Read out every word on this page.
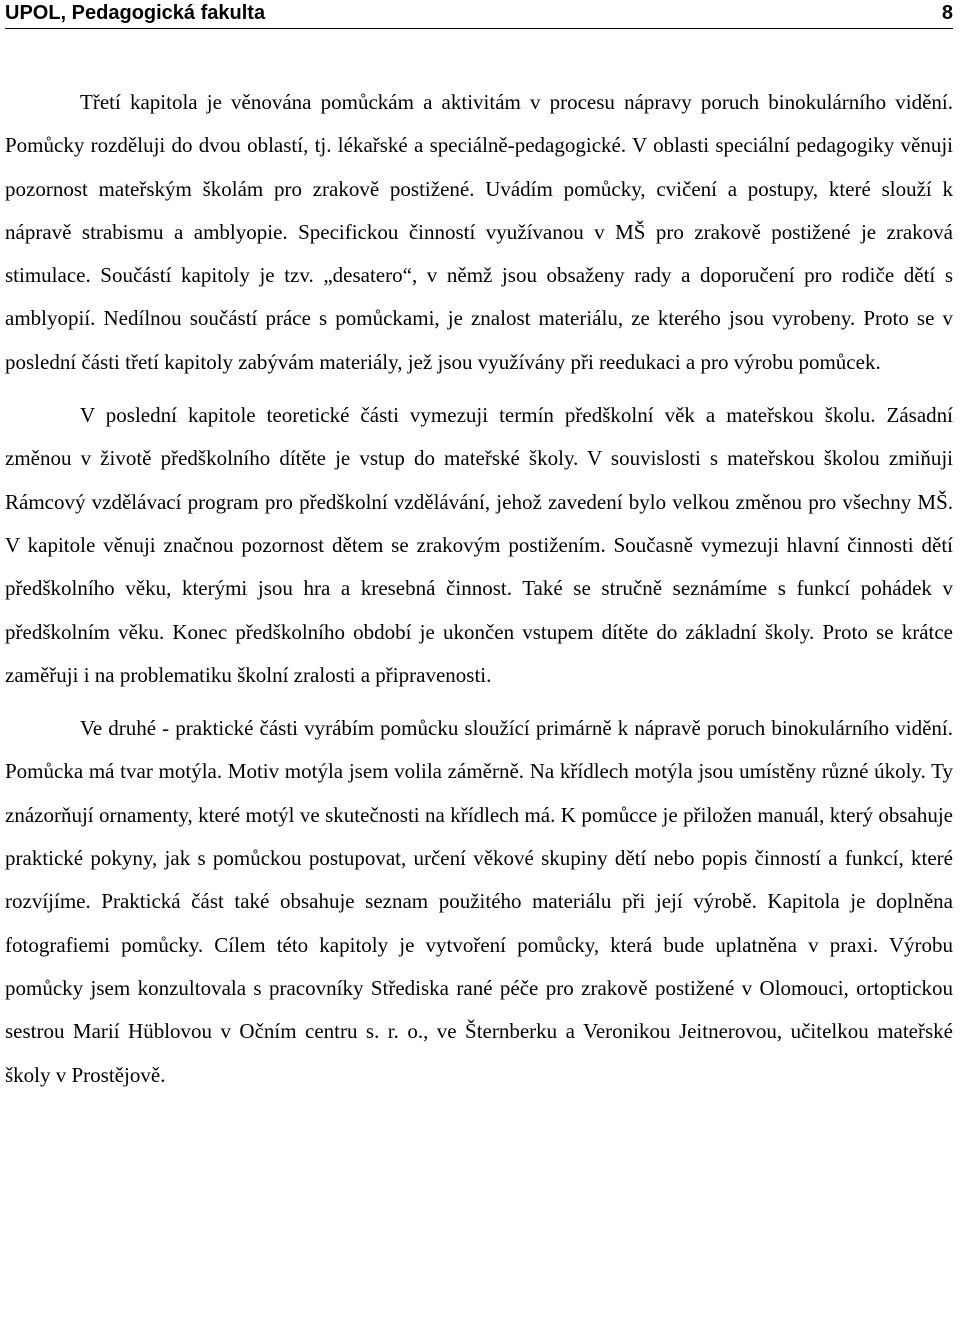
UPOL, Pedagogická fakulta	8

Třetí kapitola je věnována pomůckám a aktivitám v procesu nápravy poruch binokulárního vidění. Pomůcky rozděluji do dvou oblastí, tj. lékařské a speciálně-pedagogické. V oblasti speciální pedagogiky věnuji pozornost mateřským školám pro zrakově postižené. Uvádím pomůcky, cvičení a postupy, které slouží k nápravě strabismu a amblyopie. Specifickou činností využívanou v MŠ pro zrakově postižené je zraková stimulace. Součástí kapitoly je tzv. „desatero“, v němž jsou obsaženy rady a doporučení pro rodiče dětí s amblyopií. Nedílnou součástí práce s pomůckami, je znalost materiálu, ze kterého jsou vyrobeny. Proto se v poslední části třetí kapitoly zabývám materiály, jež jsou využívány při reedukaci a pro výrobu pomůcek.

V poslední kapitole teoretické části vymezuji termín předškolní věk a mateřskou školu. Zásadní změnou v životě předškolního dítěte je vstup do mateřské školy. V souvislosti s mateřskou školou zmiňuji Rámcový vzdělávací program pro předškolní vzdělávání, jehož zavedení bylo velkou změnou pro všechny MŠ. V kapitole věnuji značnou pozornost dětem se zrakovým postižením. Současně vymezuji hlavní činnosti dětí předškolního věku, kterými jsou hra a kresebná činnost. Také se stručně seznámíme s funkcí pohádek v předškolním věku. Konec předškolního období je ukončen vstupem dítěte do základní školy. Proto se krátce zaměřuji i na problematiku školní zralosti a připravenosti.

Ve druhé - praktické části vyrábím pomůcku sloužící primárně k nápravě poruch binokulárního vidění. Pomůcka má tvar motýla. Motiv motýla jsem volila záměrně. Na křídlech motýla jsou umístěny různé úkoly. Ty znázorňují ornamenty, které motýl ve skutečnosti na křídlech má. K pomůcce je přiložen manuál, který obsahuje praktické pokyny, jak s pomůckou postupovat, určení věkové skupiny dětí nebo popis činností a funkcí, které rozvíjíme. Praktická část také obsahuje seznam použitého materiálu při její výrobě. Kapitola je doplněna fotografiemi pomůcky. Cílem této kapitoly je vytvoření pomůcky, která bude uplatněna v praxi. Výrobu pomůcky jsem konzultovala s pracovníky Střediska rané péče pro zrakově postižené v Olomouci, ortoptickou sestrou Marií Hüblovou v Očním centru s. r. o., ve Šternberku a Veronikou Jeitnerovou, učitelkou mateřské školy v Prostějově.
